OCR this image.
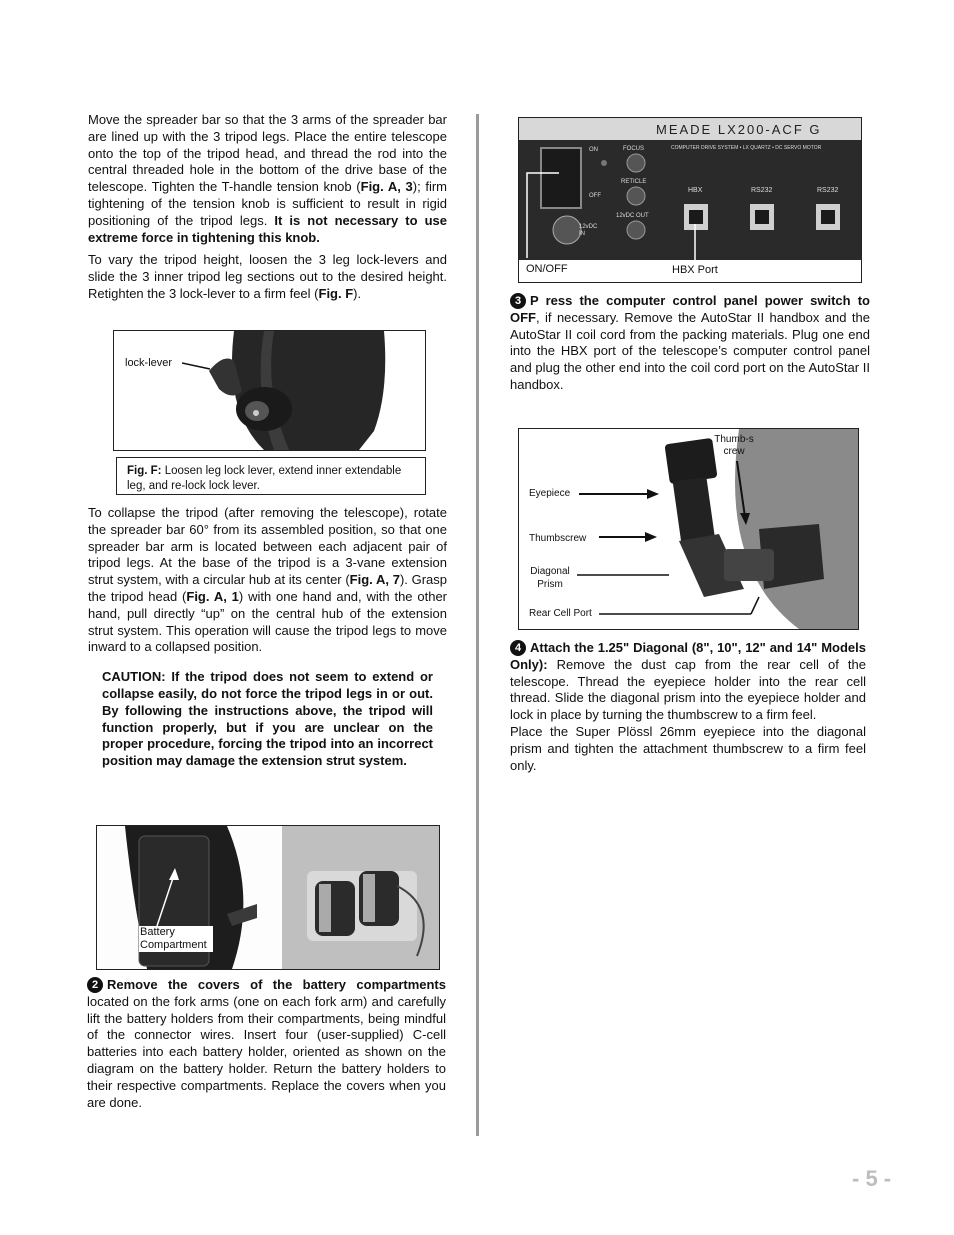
Move the spreader bar so that the 3 arms of the spreader bar are lined up with the 3 tripod legs. Place the entire telescope onto the top of the tripod head, and thread the rod into the central threaded hole in the bottom of the drive base of the telescope. Tighten the T-handle tension knob (Fig. A, 3); firm tightening of the tension knob is sufficient to result in rigid positioning of the tripod legs. It is not necessary to use extreme force in tightening this knob.

To vary the tripod height, loosen the 3 leg lock-levers and slide the 3 inner tripod leg sections out to the desired height. Retighten the 3 lock-lever to a firm feel (Fig. F).

lock-lever
Fig. F: Loosen leg lock lever, extend inner extendable leg, and re-lock lock lever.

To collapse the tripod (after removing the telescope), rotate the spreader bar 60° from its assembled position, so that one spreader bar arm is located between each adjacent pair of tripod legs. At the base of the tripod is a 3-vane extension strut system, with a circular hub at its center (Fig. A, 7). Grasp the tripod head (Fig. A, 1) with one hand and, with the other hand, pull directly “up” on the central hub of the extension strut system. This operation will cause the tripod legs to move inward to a collapsed position.

CAUTION: If the tripod does not seem to extend or collapse easily, do not force the tripod legs in or out. By following the instructions above, the tripod will function properly, but if you are unclear on the proper procedure, forcing the tripod into an incorrect position may damage the extension strut system.

Battery Compartment

2 Remove the covers of the battery compartments located on the fork arms (one on each fork arm) and carefully lift the battery holders from their compartments, being mindful of the connector wires. Insert four (user-supplied) C-cell batteries into each battery holder, oriented as shown on the diagram on the battery holder. Return the battery holders to their respective compartments. Replace the covers when you are done.

MEADE LX200-ACF G
COMPUTER DRIVE SYSTEM • LX QUARTZ • DC SERVO MOTOR
ON
OFF
FOCUS
RETICLE
12vDC OUT
12vDC IN
HBX	RS232	RS232
ON/OFF	HBX Port

3 P ress the computer control panel power switch to OFF, if necessary. Remove the AutoStar II handbox and the AutoStar II coil cord from the packing materials. Plug one end into the HBX port of the telescope’s computer control panel and plug the other end into the coil cord port on the AutoStar II handbox.

Thumb-screw
Eyepiece
Thumbscrew
Diagonal Prism
Rear Cell Port

4 Attach the 1.25" Diagonal (8", 10", 12" and 14" Models Only): Remove the dust cap from the rear cell of the telescope. Thread the eyepiece holder into the rear cell thread. Slide the diagonal prism into the eyepiece holder and lock in place by turning the thumbscrew to a firm feel.

Place the Super Plössl 26mm eyepiece into the diagonal prism and tighten the attachment thumbscrew to a firm feel only.

- 5 -
